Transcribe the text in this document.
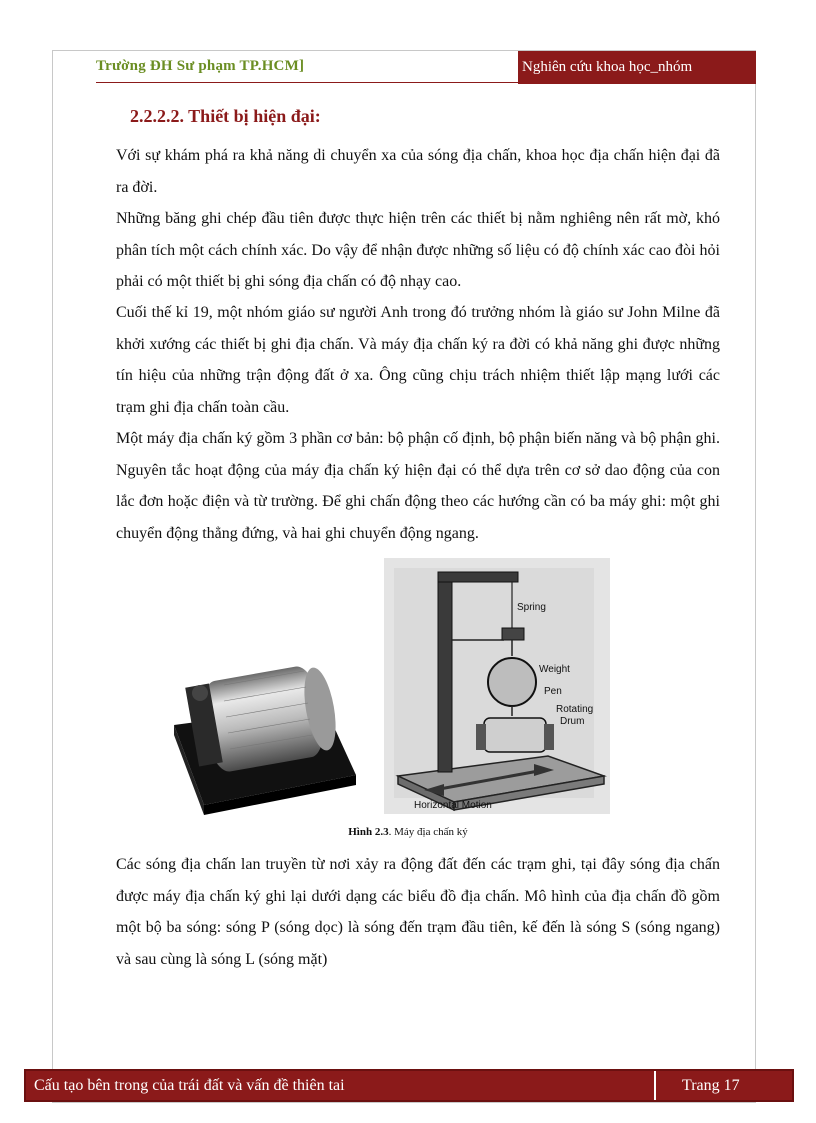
Trường ĐH Sư phạm TP.HCM]	Nghiên cứu khoa học_nhóm
2.2.2.2. Thiết bị hiện đại:

Với sự khám phá ra khả năng di chuyển xa của sóng địa chấn, khoa học địa chấn hiện đại đã ra đời.

Những băng ghi chép đầu tiên được thực hiện trên các thiết bị nằm nghiêng nên rất mờ, khó phân tích một cách chính xác. Do vậy để nhận được những số liệu có độ chính xác cao đòi hỏi phải có một thiết bị ghi sóng địa chấn có độ nhạy cao.

Cuối thế kỉ 19, một nhóm giáo sư người Anh trong đó trưởng nhóm là giáo sư John Milne đã khởi xướng các thiết bị ghi địa chấn. Và máy địa chấn ký ra đời có khả năng ghi được những tín hiệu của những trận động đất ở xa. Ông cũng chịu trách nhiệm thiết lập mạng lưới các trạm ghi địa chấn toàn cầu.

Một máy địa chấn ký gồm 3 phần cơ bản: bộ phận cố định, bộ phận biến năng và bộ phận ghi. Nguyên tắc hoạt động của máy địa chấn ký hiện đại có thể dựa trên cơ sở dao động của con lắc đơn hoặc điện và từ trường. Để ghi chấn động theo các hướng cần có ba máy ghi: một ghi chuyển động thẳng đứng, và hai ghi chuyển động ngang.

Spring
Weight
Pen
Rotating
Drum
Horizontal Motion
Hình 2.3. Máy địa chấn ký

Các sóng địa chấn lan truyền từ nơi xảy ra động đất đến các trạm ghi, tại đây sóng địa chấn được máy địa chấn ký ghi lại dưới dạng các biểu đồ địa chấn. Mô hình của địa chấn đồ gồm một bộ ba sóng: sóng P (sóng dọc) là sóng đến trạm đầu tiên, kế đến là sóng S (sóng ngang) và sau cùng là sóng L (sóng mặt)

Cấu tạo bên trong của trái đất và vấn đề thiên tai	Trang 17
